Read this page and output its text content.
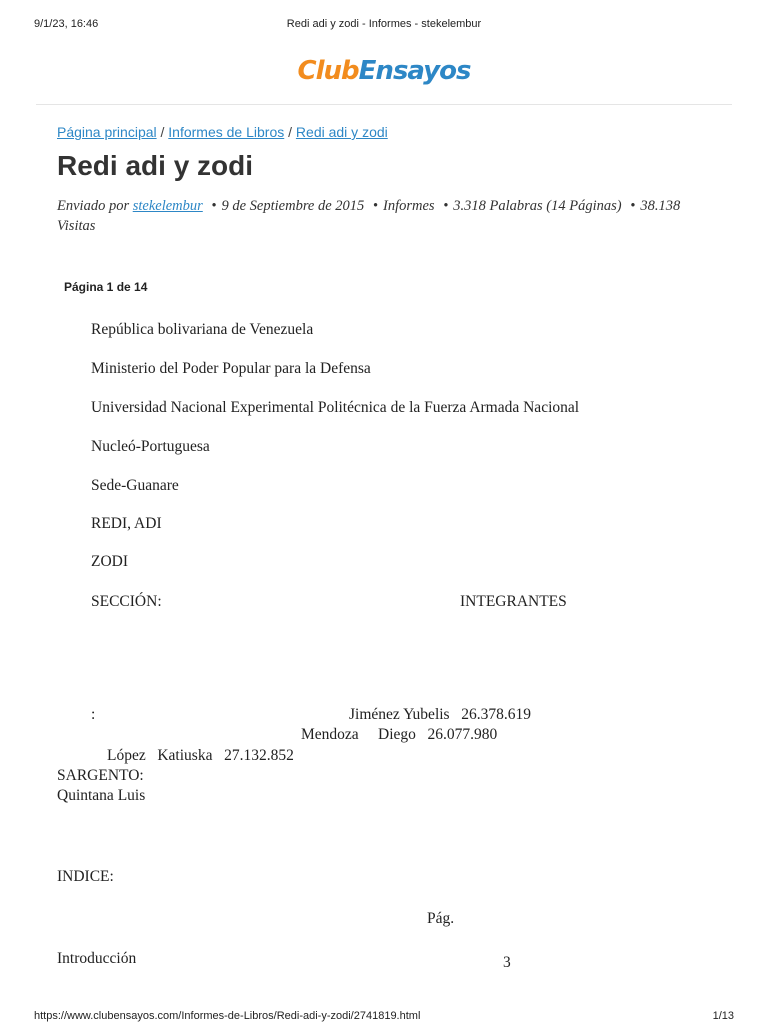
9/1/23, 16:46	Redi adi y zodi - Informes - stekelembur
ClubEnsayos
Página principal / Informes de Libros / Redi adi y zodi
Redi adi y zodi
Enviado por stekelembur • 9 de Septiembre de 2015 • Informes • 3.318 Palabras (14 Páginas) • 38.138 Visitas
Página 1 de 14
República bolivariana de Venezuela
Ministerio del Poder Popular para la Defensa
Universidad Nacional Experimental Politécnica de la Fuerza Armada Nacional
Nucleó-Portuguesa
Sede-Guanare
REDI, ADI
ZODI
SECCIÓN:	INTEGRANTES
:	Jiménez Yubelis   26.378.619
Mendoza     Diego   26.077.980
López   Katiuska   27.132.852
SARGENTO:
Quintana Luis
INDICE:
Pág.
Introducción	3
https://www.clubensayos.com/Informes-de-Libros/Redi-adi-y-zodi/2741819.html	1/13
